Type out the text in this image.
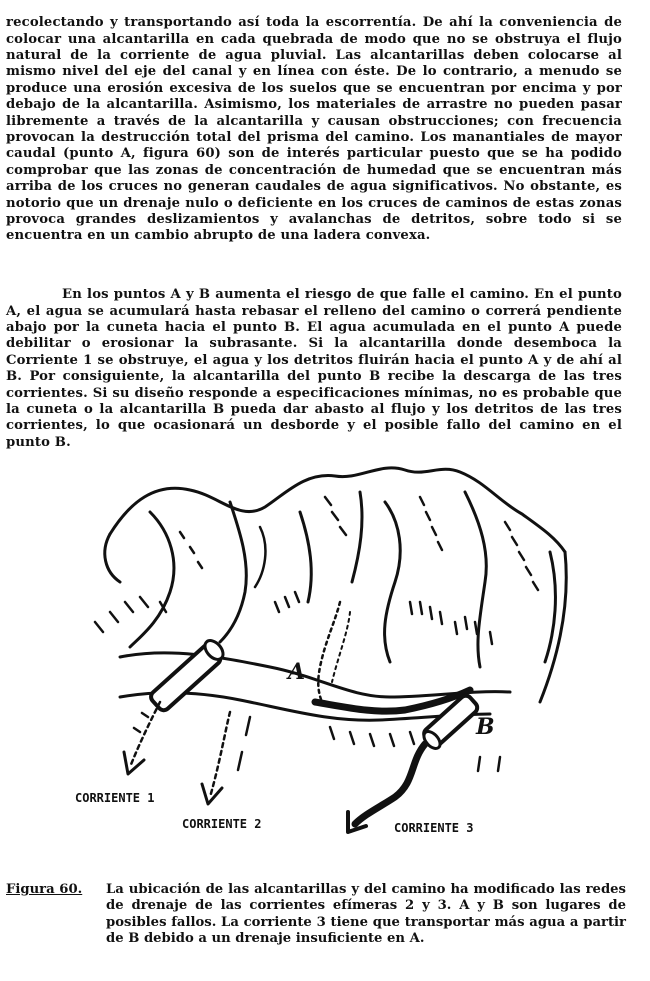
recolectando y transportando así toda la escorrentía. De ahí la conveniencia de colocar una alcantarilla en cada quebrada de modo que no se obstruya el flujo natural de la corriente de agua pluvial. Las alcantarillas deben colocarse al mismo nivel del eje del canal y en línea con éste. De lo contrario, a menudo se produce una erosión excesiva de los suelos que se encuentran por encima y por debajo de la alcantarilla. Asimismo, los materiales de arrastre no pueden pasar libremente a través de la alcantarilla y causan obstrucciones; con frecuencia provocan la destrucción total del prisma del camino. Los manantiales de mayor caudal (punto A, figura 60) son de interés particular puesto que se ha podido comprobar que las zonas de concentración de humedad que se encuentran más arriba de los cruces no generan caudales de agua significativos. No obstante, es notorio que un drenaje nulo o deficiente en los cruces de caminos de estas zonas provoca grandes deslizamientos y avalanchas de detritos, sobre todo si se encuentra en un cambio abrupto de una ladera convexa.

En los puntos A y B aumenta el riesgo de que falle el camino. En el punto A, el agua se acumulará hasta rebasar el relleno del camino o correrá pendiente abajo por la cuneta hacia el punto B. El agua acumulada en el punto A puede debilitar o erosionar la subrasante. Si la alcantarilla donde desemboca la Corriente 1 se obstruye, el agua y los detritos fluirán hacia el punto A y de ahí al B. Por consiguiente, la alcantarilla del punto B recibe la descarga de las tres corrientes. Si su diseño responde a especificaciones mínimas, no es probable que la cuneta o la alcantarilla B pueda dar abasto al flujo y los detritos de las tres corrientes, lo que ocasionará un desborde y el posible fallo del camino en el punto B.

A
B
CORRIENTE 1
CORRIENTE 2	CORRIENTE 3
Figura 60. La ubicación de las alcantarillas y del camino ha modificado las redes de drenaje de las corrientes efímeras 2 y 3. A y B son lugares de posibles fallos. La corriente 3 tiene que transportar más agua a partir de B debido a un drenaje insuficiente en A.
